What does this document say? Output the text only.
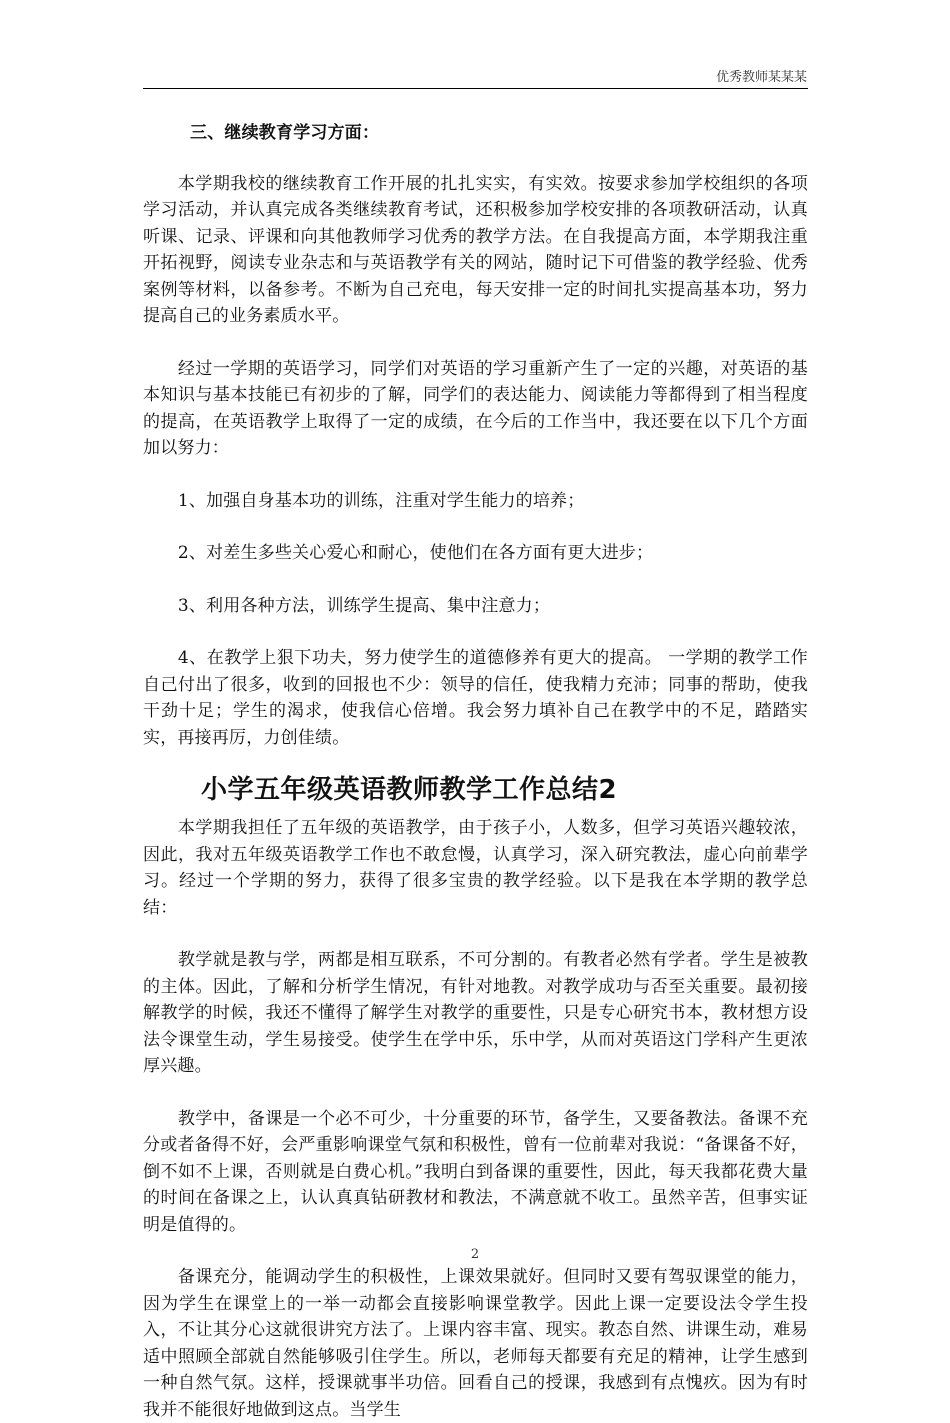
优秀教师某某某
三、继续教育学习方面：

本学期我校的继续教育工作开展的扎扎实实，有实效。按要求参加学校组织的各项学习活动，并认真完成各类继续教育考试，还积极参加学校安排的各项教研活动，认真听课、记录、评课和向其他教师学习优秀的教学方法。在自我提高方面，本学期我注重开拓视野，阅读专业杂志和与英语教学有关的网站，随时记下可借鉴的教学经验、优秀案例等材料，以备参考。不断为自己充电，每天安排一定的时间扎实提高基本功，努力提高自己的业务素质水平。

经过一学期的英语学习，同学们对英语的学习重新产生了一定的兴趣，对英语的基本知识与基本技能已有初步的了解，同学们的表达能力、阅读能力等都得到了相当程度的提高，在英语教学上取得了一定的成绩，在今后的工作当中，我还要在以下几个方面加以努力：

1、加强自身基本功的训练，注重对学生能力的培养；

2、对差生多些关心爱心和耐心，使他们在各方面有更大进步；

3、利用各种方法，训练学生提高、集中注意力；

4、在教学上狠下功夫，努力使学生的道德修养有更大的提高。 一学期的教学工作自己付出了很多，收到的回报也不少：领导的信任，使我精力充沛；同事的帮助，使我干劲十足；学生的渴求，使我信心倍增。我会努力填补自己在教学中的不足，踏踏实实，再接再厉，力创佳绩。

小学五年级英语教师教学工作总结2

本学期我担任了五年级的英语教学，由于孩子小，人数多，但学习英语兴趣较浓，因此，我对五年级英语教学工作也不敢怠慢，认真学习，深入研究教法，虚心向前辈学习。经过一个学期的努力，获得了很多宝贵的教学经验。以下是我在本学期的教学总结：

教学就是教与学，两都是相互联系，不可分割的。有教者必然有学者。学生是被教的主体。因此，了解和分析学生情况，有针对地教。对教学成功与否至关重要。最初接解教学的时候，我还不懂得了解学生对教学的重要性，只是专心研究书本，教材想方设法令课堂生动，学生易接受。使学生在学中乐，乐中学，从而对英语这门学科产生更浓厚兴趣。

教学中，备课是一个必不可少，十分重要的环节，备学生，又要备教法。备课不充分或者备得不好，会严重影响课堂气氛和积极性，曾有一位前辈对我说：“备课备不好，倒不如不上课，否则就是白费心机。”我明白到备课的重要性，因此，每天我都花费大量的时间在备课之上，认认真真钻研教材和教法，不满意就不收工。虽然辛苦，但事实证明是值得的。

备课充分，能调动学生的积极性，上课效果就好。但同时又要有驾驭课堂的能力，因为学生在课堂上的一举一动都会直接影响课堂教学。因此上课一定要设法令学生投入，不让其分心这就很讲究方法了。上课内容丰富、现实。教态自然、讲课生动，难易适中照顾全部就自然能够吸引住学生。所以，老师每天都要有充足的精神，让学生感到一种自然气氛。这样，授课就事半功倍。回看自己的授课，我感到有点愧疚。因为有时我并不能很好地做到这点。当学生

2
